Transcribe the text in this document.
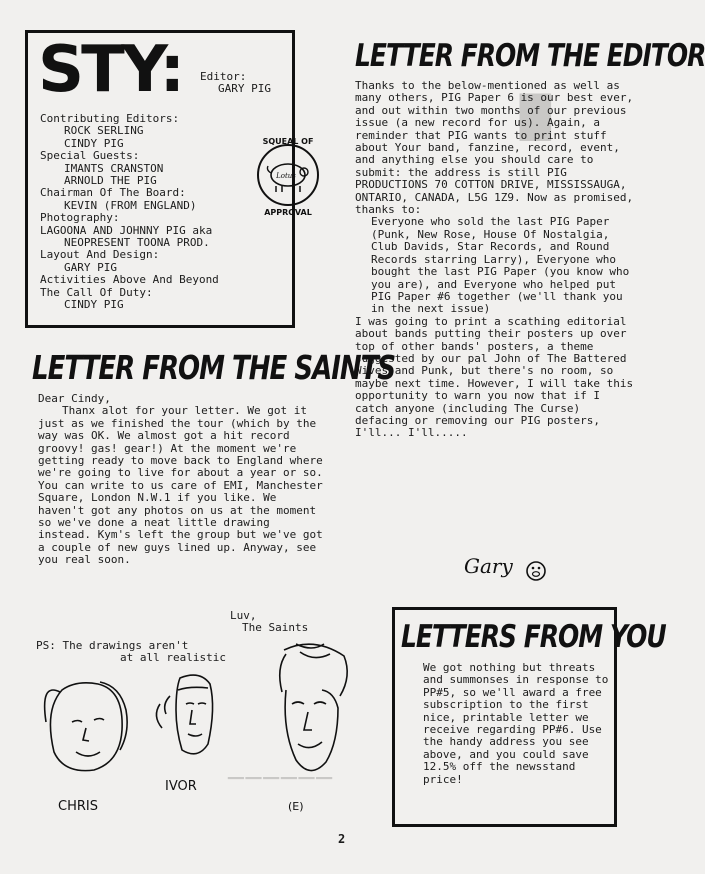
█
──────
STY: Editor:
GARY PIG
Contributing Editors:
ROCK SERLING
CINDY PIG
Special Guests:
IMANTS CRANSTON
ARNOLD THE PIG
Chairman Of The Board:
KEVIN (FROM ENGLAND)
Photography:
LAGOONA AND JOHNNY PIG aka
NEOPRESENT TOONA PROD.
Layout And Design:
GARY PIG
Activities Above And Beyond
The Call Of Duty:
CINDY PIG
SQUEAL OF
APPROVAL
Lotus
LETTER FROM THE EDITOR

Thanks to the below-mentioned as well as many others, PIG Paper 6 is our best ever, and out within two months of our previous issue (a new record for us). Again, a reminder that PIG wants to print stuff about Your band, fanzine, record, event, and anything else you should care to submit: the address is still PIG PRODUCTIONS 70 COTTON DRIVE, MISSISSAUGA, ONTARIO, CANADA, L5G 1Z9. Now as promised, thanks to:

Everyone who sold the last PIG Paper (Punk, New Rose, House Of Nostalgia, Club Davids, Star Records, and Round Records starring Larry), Everyone who bought the last PIG Paper (you know who you are), and Everyone who helped put PIG Paper #6 together (we'll thank you in the next issue)

I was going to print a scathing editorial about bands putting their posters up over top of other bands' posters, a theme suggested by our pal John of The Battered Wives and Punk, but there's no room, so maybe next time. However, I will take this opportunity to warn you now that if I catch anyone (including The Curse) defacing or removing our PIG posters, I'll... I'll.....

Gary
LETTER FROM THE SAINTS

Dear Cindy,

Thanx alot for your letter. We got it just as we finished the tour (which by the way was OK. We almost got a hit record groovy! gas! gear!) At the moment we're getting ready to move back to England where we're going to live for about a year or so. You can write to us care of EMI, Manchester Square, London N.W.1 if you like. We haven't got any photos on us at the moment so we've done a neat little drawing instead. Kym's left the group but we've got a couple of new guys lined up. Anyway, see you real soon.

Luv,
The Saints
PS: The drawings aren't
at all realistic
CHRIS
IVOR
(E)
LETTERS FROM YOU
We got nothing but threats and summonses in response to PP#5, so we'll award a free subscription to the first nice, printable letter we receive regarding PP#6. Use the handy address you see above, and you could save 12.5% off the newsstand price!
2
